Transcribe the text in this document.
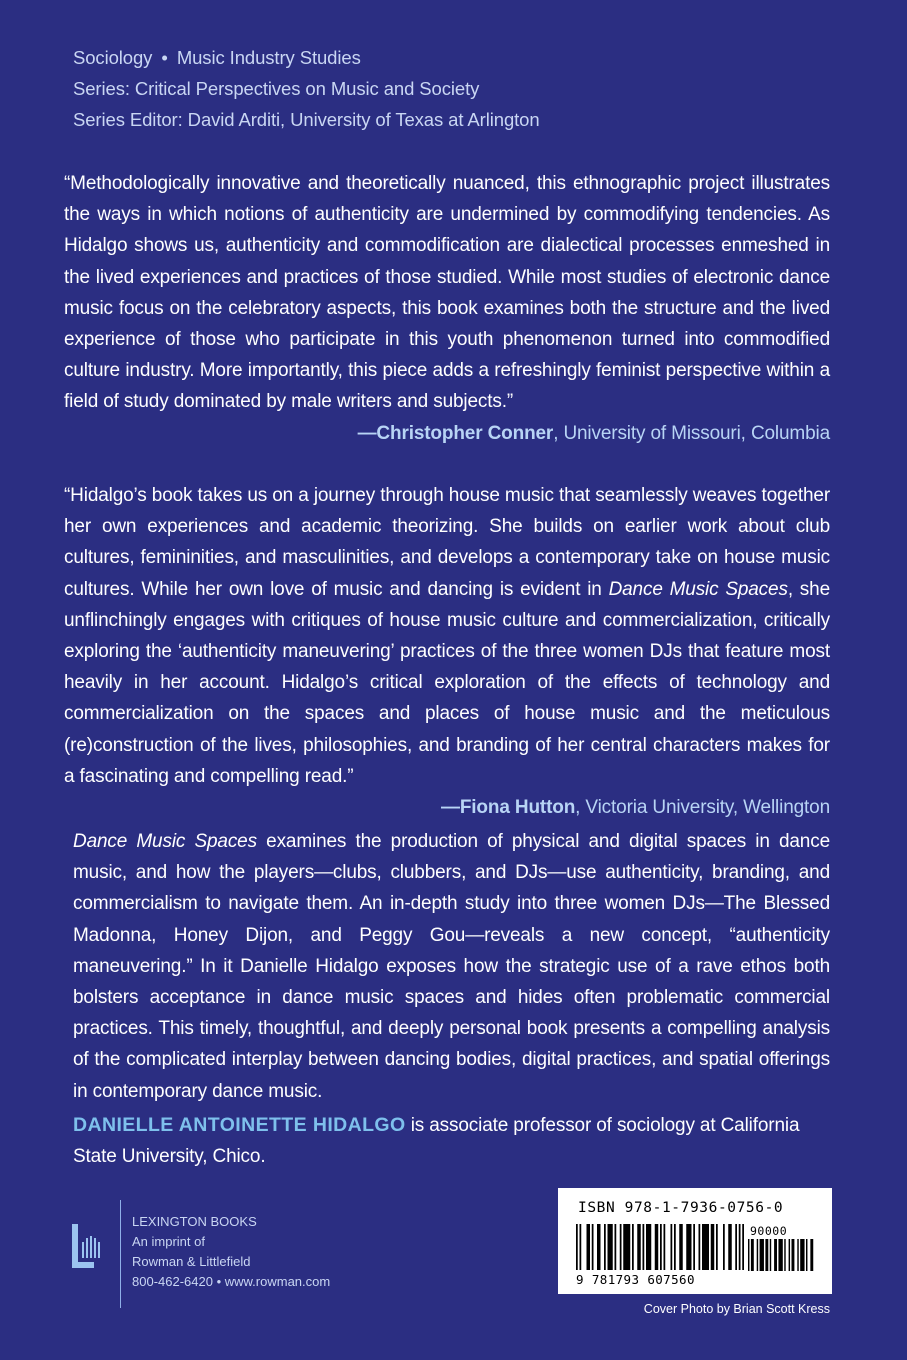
Sociology • Music Industry Studies
Series: Critical Perspectives on Music and Society
Series Editor: David Arditi, University of Texas at Arlington

“Methodologically innovative and theoretically nuanced, this ethnographic project illustrates the ways in which notions of authenticity are undermined by commodifying tendencies. As Hidalgo shows us, authenticity and commodification are dialectical processes enmeshed in the lived experiences and practices of those studied. While most studies of electronic dance music focus on the celebratory aspects, this book examines both the structure and the lived experience of those who participate in this youth phenomenon turned into commodified culture industry. More importantly, this piece adds a refreshingly feminist perspective within a field of study dominated by male writers and subjects.”

—Christopher Conner, University of Missouri, Columbia

“Hidalgo’s book takes us on a journey through house music that seamlessly weaves together her own experiences and academic theorizing. She builds on earlier work about club cultures, femininities, and masculinities, and develops a contemporary take on house music cultures. While her own love of music and dancing is evident in Dance Music Spaces, she unflinchingly engages with critiques of house music culture and commercialization, critically exploring the ‘authenticity maneuvering’ practices of the three women DJs that feature most heavily in her account. Hidalgo’s critical exploration of the effects of technology and commercialization on the spaces and places of house music and the meticulous (re)construction of the lives, philosophies, and branding of her central characters makes for a fascinating and compelling read.”

—Fiona Hutton, Victoria University, Wellington
Dance Music Spaces examines the production of physical and digital spaces in dance music, and how the players—clubs, clubbers, and DJs—use authenticity, branding, and commercialism to navigate them. An in-depth study into three women DJs—The Blessed Madonna, Honey Dijon, and Peggy Gou—reveals a new concept, “authenticity maneuvering.” In it Danielle Hidalgo exposes how the strategic use of a rave ethos both bolsters acceptance in dance music spaces and hides often problematic commercial practices. This timely, thoughtful, and deeply personal book presents a compelling analysis of the complicated interplay between dancing bodies, digital practices, and spatial offerings in contemporary dance music.
DANIELLE ANTOINETTE HIDALGO is associate professor of sociology at California State University, Chico.
LEXINGTON BOOKS
An imprint of
Rowman & Littlefield
800-462-6420 • www.rowman.com
ISBN 978-1-7936-0756-0
90000
9 781793 607560
Cover Photo by Brian Scott Kress
